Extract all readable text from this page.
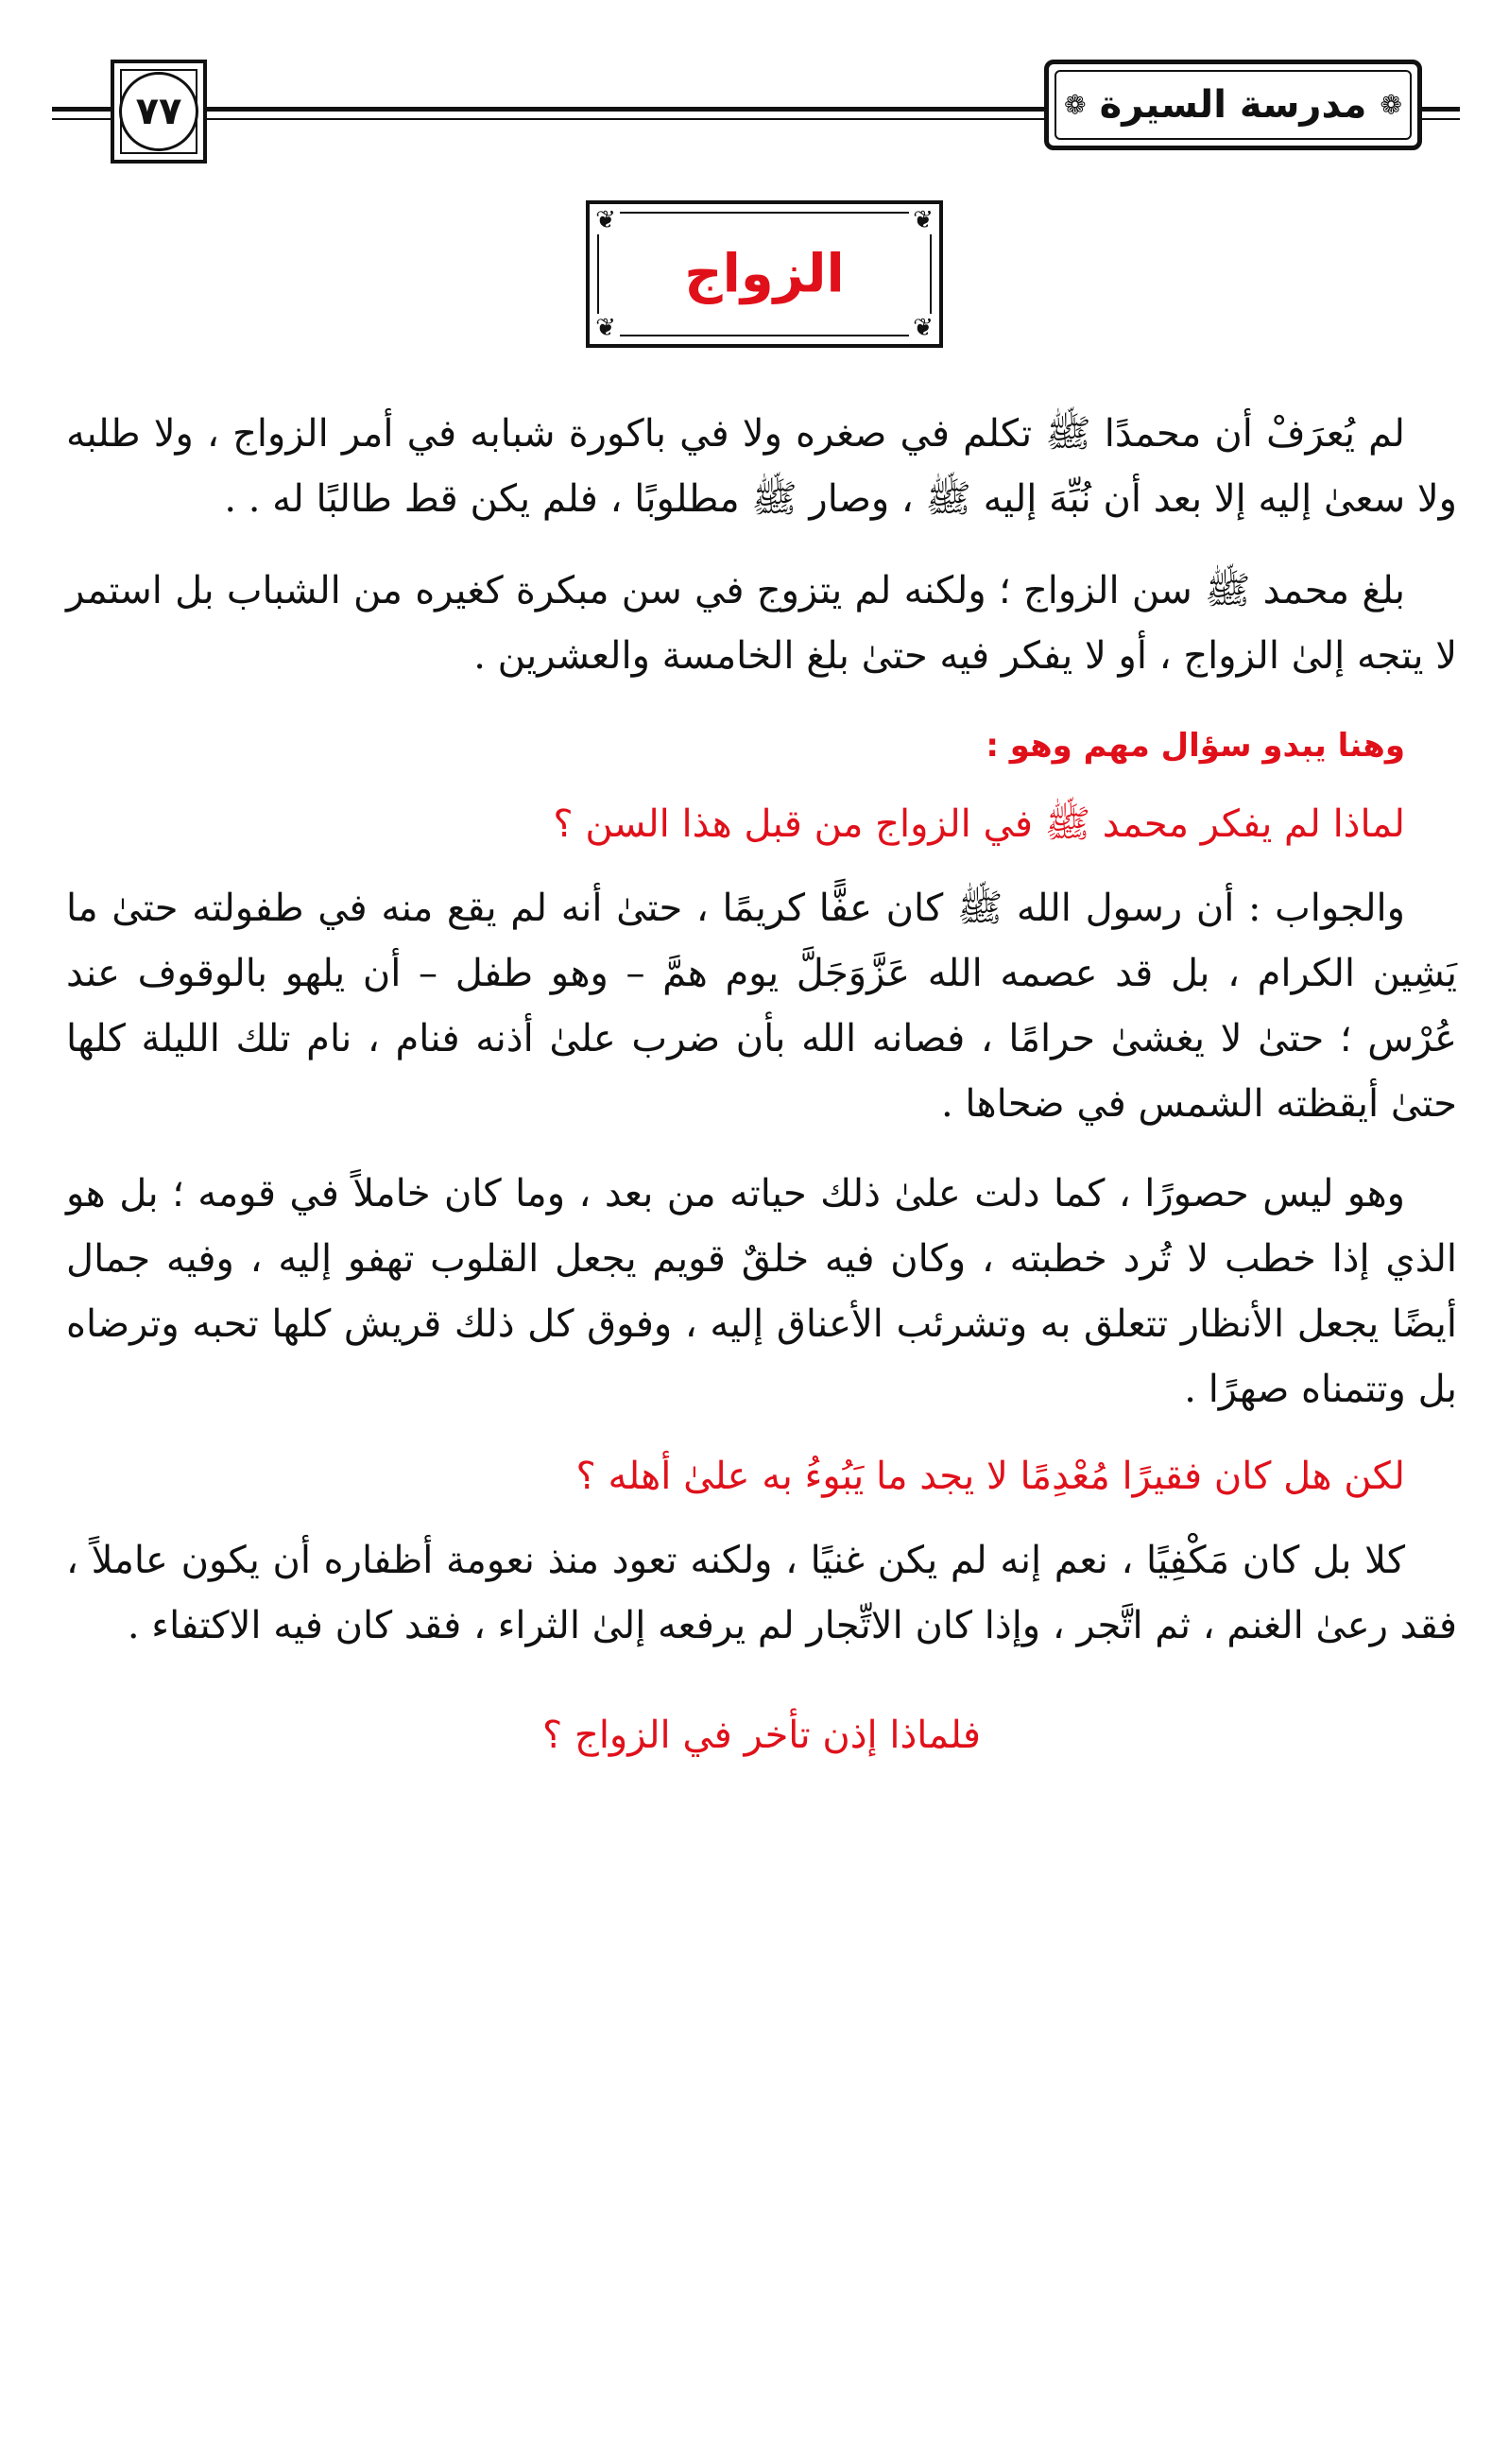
٧٧	❁
مدرسة السيرة
❁
❦	❦
❦	❦
الزواج

لم يُعرَفْ أن محمدًا ﷺ تكلم في صغره ولا في باكورة شبابه في أمر الزواج ، ولا طلبه ولا سعىٰ إليه إلا بعد أن نُبِّهَ إليه ﷺ ، وصار ﷺ مطلوبًا ، فلم يكن قط طالبًا له . .

بلغ محمد ﷺ سن الزواج ؛ ولكنه لم يتزوج في سن مبكرة كغيره من الشباب بل استمر لا يتجه إلىٰ الزواج ، أو لا يفكر فيه حتىٰ بلغ الخامسة والعشرين .

وهنا يبدو سؤال مهم وهو :

لماذا لم يفكر محمد ﷺ في الزواج من قبل هذا السن ؟

والجواب : أن رسول الله ﷺ كان عفًّا كريمًا ، حتىٰ أنه لم يقع منه في طفولته حتىٰ ما يَشِين الكرام ، بل قد عصمه الله عَزَّوَجَلَّ يوم همَّ – وهو طفل – أن يلهو بالوقوف عند عُرْس ؛ حتىٰ لا يغشىٰ حرامًا ، فصانه الله بأن ضرب علىٰ أذنه فنام ، نام تلك الليلة كلها حتىٰ أيقظته الشمس في ضحاها .

وهو ليس حصورًا ، كما دلت علىٰ ذلك حياته من بعد ، وما كان خاملاً في قومه ؛ بل هو الذي إذا خطب لا تُرد خطبته ، وكان فيه خلقٌ قويم يجعل القلوب تهفو إليه ، وفيه جمال أيضًا يجعل الأنظار تتعلق به وتشرئب الأعناق إليه ، وفوق كل ذلك قريش كلها تحبه وترضاه بل وتتمناه صهرًا .

لكن هل كان فقيرًا مُعْدِمًا لا يجد ما يَبُوءُ به علىٰ أهله ؟

كلا بل كان مَكْفِيًا ، نعم إنه لم يكن غنيًا ، ولكنه تعود منذ نعومة أظفاره أن يكون عاملاً ، فقد رعىٰ الغنم ، ثم اتَّجر ، وإذا كان الاتِّجار لم يرفعه إلىٰ الثراء ، فقد كان فيه الاكتفاء .

فلماذا إذن تأخر في الزواج ؟
